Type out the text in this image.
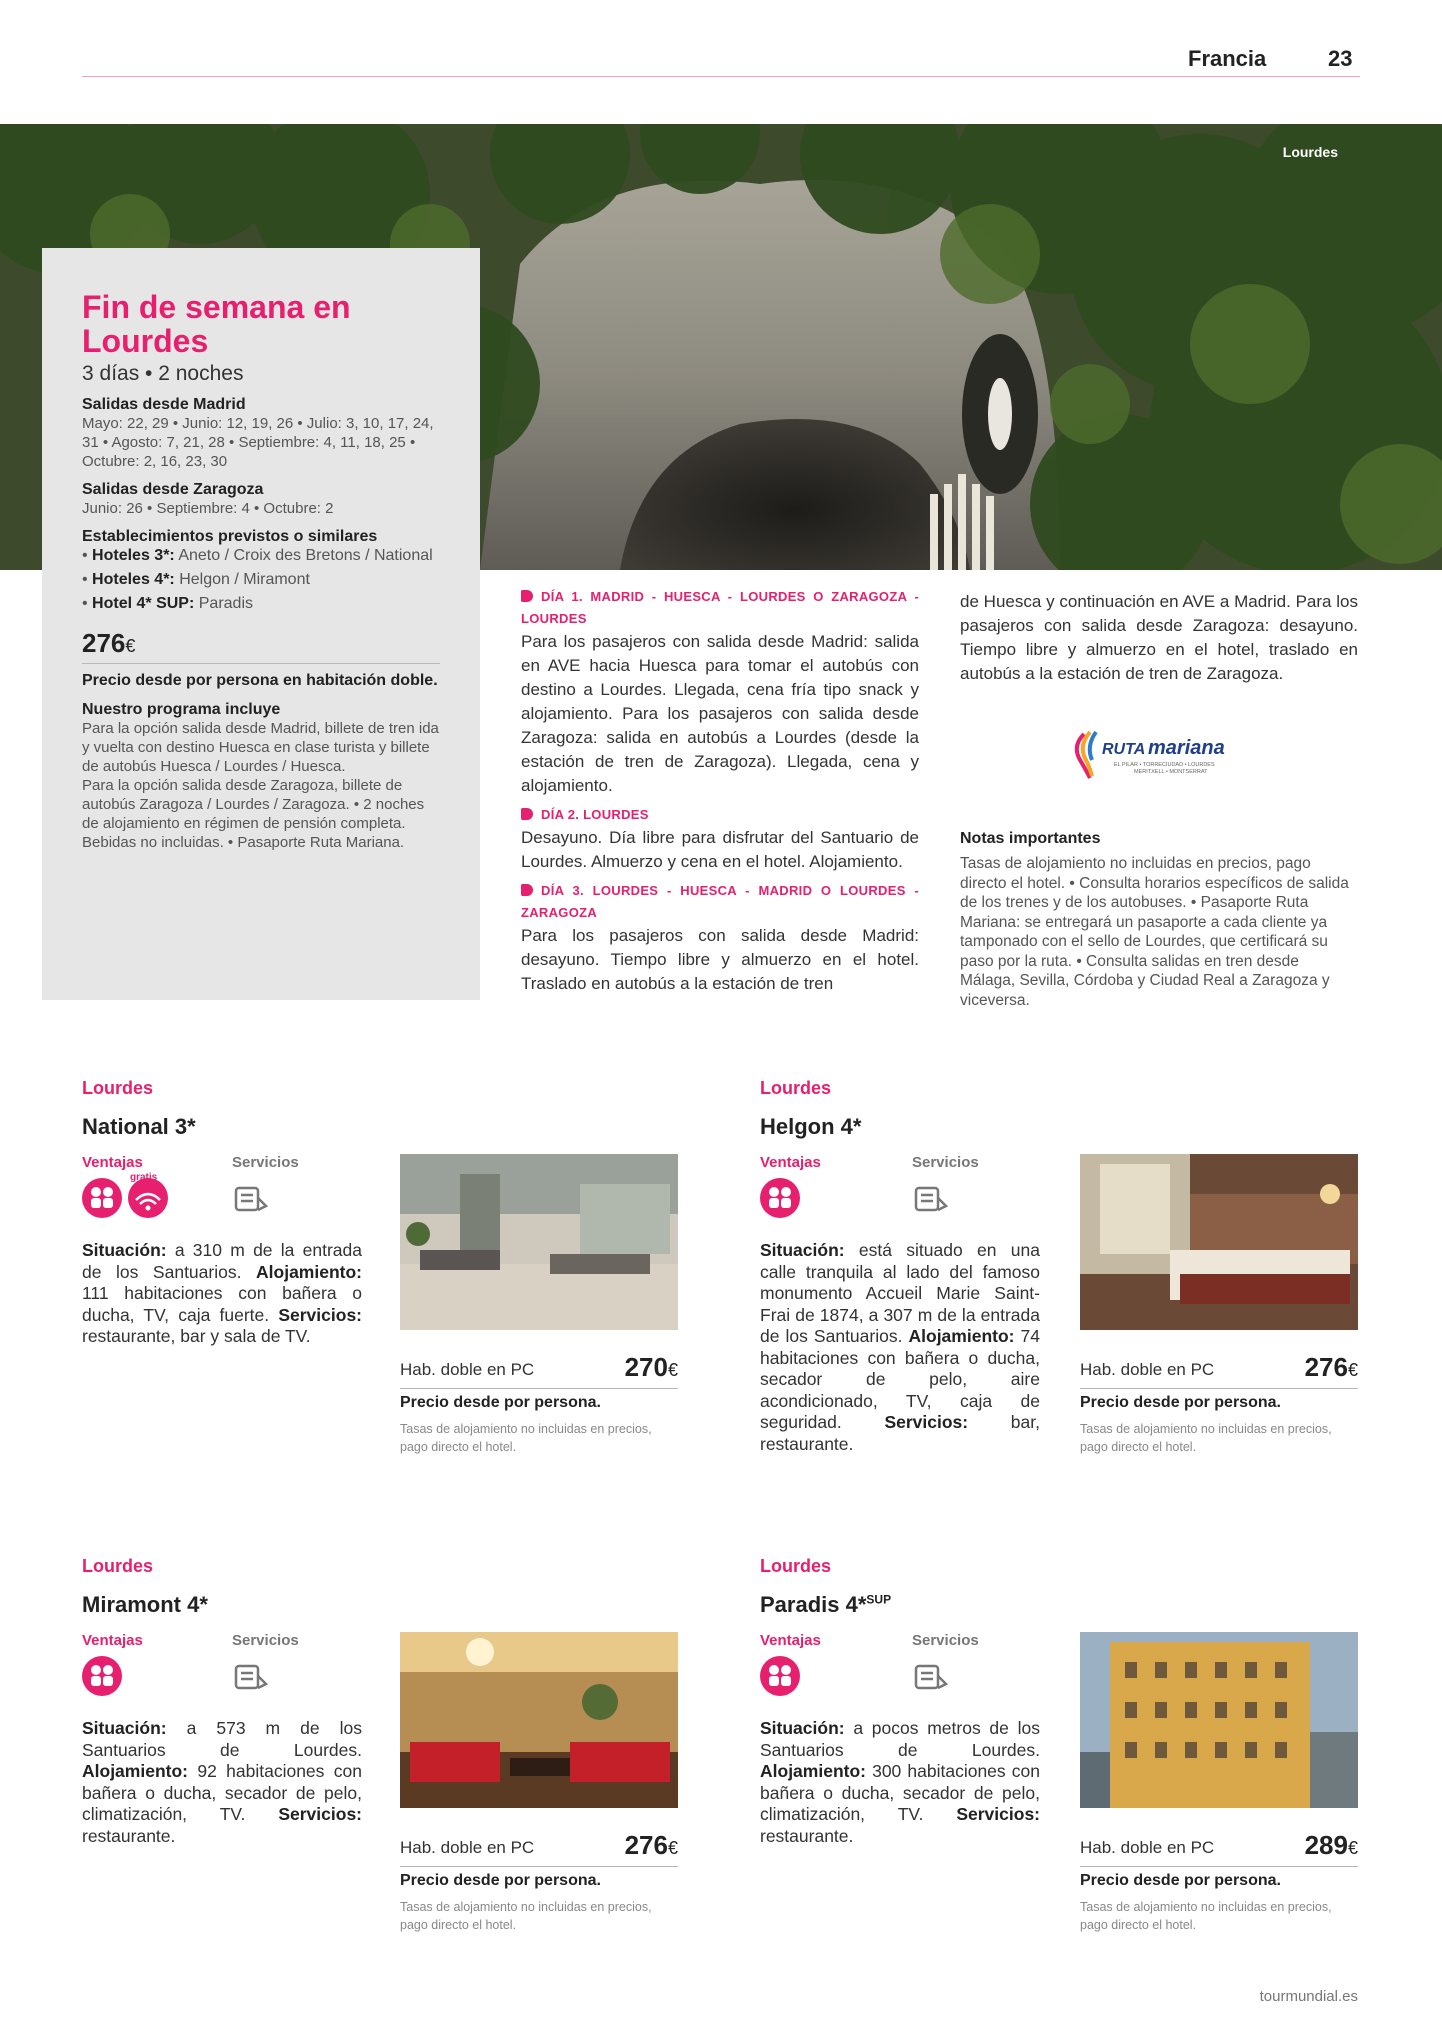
Francia	23
Lourdes
Fin de semana en Lourdes
3 días • 2 noches
Salidas desde Madrid
Mayo: 22, 29 • Junio: 12, 19, 26 • Julio: 3, 10, 17, 24, 31 • Agosto: 7, 21, 28 • Septiembre: 4, 11, 18, 25 • Octubre: 2, 16, 23, 30
Salidas desde Zaragoza
Junio: 26 • Septiembre: 4 • Octubre: 2
Establecimientos previstos o similares
• Hoteles 3*: Aneto / Croix des Bretons / National
• Hoteles 4*: Helgon / Miramont
• Hotel 4* SUP: Paradis
276€
Precio desde por persona en habitación doble.
Nuestro programa incluye
Para la opción salida desde Madrid, billete de tren ida y vuelta con destino Huesca en clase turista y billete de autobús Huesca / Lourdes / Huesca.
Para la opción salida desde Zaragoza, billete de autobús Zaragoza / Lourdes / Zaragoza. • 2 noches de alojamiento en régimen de pensión completa. Bebidas no incluidas. • Pasaporte Ruta Mariana.
DÍA 1. MADRID - HUESCA - LOURDES O ZARAGOZA - LOURDES
Para los pasajeros con salida desde Madrid: salida en AVE hacia Huesca para tomar el autobús con destino a Lourdes. Llegada, cena fría tipo snack y alojamiento. Para los pasajeros con salida desde Zaragoza: salida en autobús a Lourdes (desde la estación de tren de Zaragoza). Llegada, cena y alojamiento.
DÍA 2. LOURDES
Desayuno. Día libre para disfrutar del Santuario de Lourdes. Almuerzo y cena en el hotel. Alojamiento.
DÍA 3. LOURDES - HUESCA - MADRID O LOURDES - ZARAGOZA
Para los pasajeros con salida desde Madrid: desayuno. Tiempo libre y almuerzo en el hotel. Traslado en autobús a la estación de tren
de Huesca y continuación en AVE a Madrid. Para los pasajeros con salida desde Zaragoza: desayuno. Tiempo libre y almuerzo en el hotel, traslado en autobús a la estación de tren de Zaragoza.
RUTA mariana
EL PILAR • TORRECIUDAD • LOURDES
MERITXELL • MONTSERRAT
Notas importantes
Tasas de alojamiento no incluidas en precios, pago directo el hotel. • Consulta horarios específicos de salida de los trenes y de los autobuses. • Pasaporte Ruta Mariana: se entregará un pasaporte a cada cliente ya tamponado con el sello de Lourdes, que certificará su paso por la ruta. • Consulta salidas en tren desde Málaga, Sevilla, Córdoba y Ciudad Real a Zaragoza y viceversa.
Lourdes
National 3*
Ventajas	Servicios
gratis
Situación: a 310 m de la entrada de los Santuarios. Alojamiento: 111 habitaciones con bañera o ducha, TV, caja fuerte. Servicios: restaurante, bar y sala de TV.
Hab. doble en PC	270€
Precio desde por persona.
Tasas de alojamiento no incluidas en precios, pago directo el hotel.
Lourdes
Helgon 4*
Ventajas	Servicios
Situación: está situado en una calle tranquila al lado del famoso monumento Accueil Marie Saint-Frai de 1874, a 307 m de la entrada de los Santuarios. Alojamiento: 74 habitaciones con bañera o ducha, secador de pelo, aire acondicionado, TV, caja de seguridad. Servicios: bar, restaurante.
Hab. doble en PC	276€
Precio desde por persona.
Tasas de alojamiento no incluidas en precios, pago directo el hotel.
Lourdes
Miramont 4*
Ventajas	Servicios
Situación: a 573 m de los Santuarios de Lourdes. Alojamiento: 92 habitaciones con bañera o ducha, secador de pelo, climatización, TV. Servicios: restaurante.
Hab. doble en PC	276€
Precio desde por persona.
Tasas de alojamiento no incluidas en precios, pago directo el hotel.
Lourdes
Paradis 4*$^{SUP}$
Ventajas	Servicios
Situación: a pocos metros de los Santuarios de Lourdes. Alojamiento: 300 habitaciones con bañera o ducha, secador de pelo, climatización, TV. Servicios: restaurante.
Hab. doble en PC	289€
Precio desde por persona.
Tasas de alojamiento no incluidas en precios, pago directo el hotel.
tourmundial.es
